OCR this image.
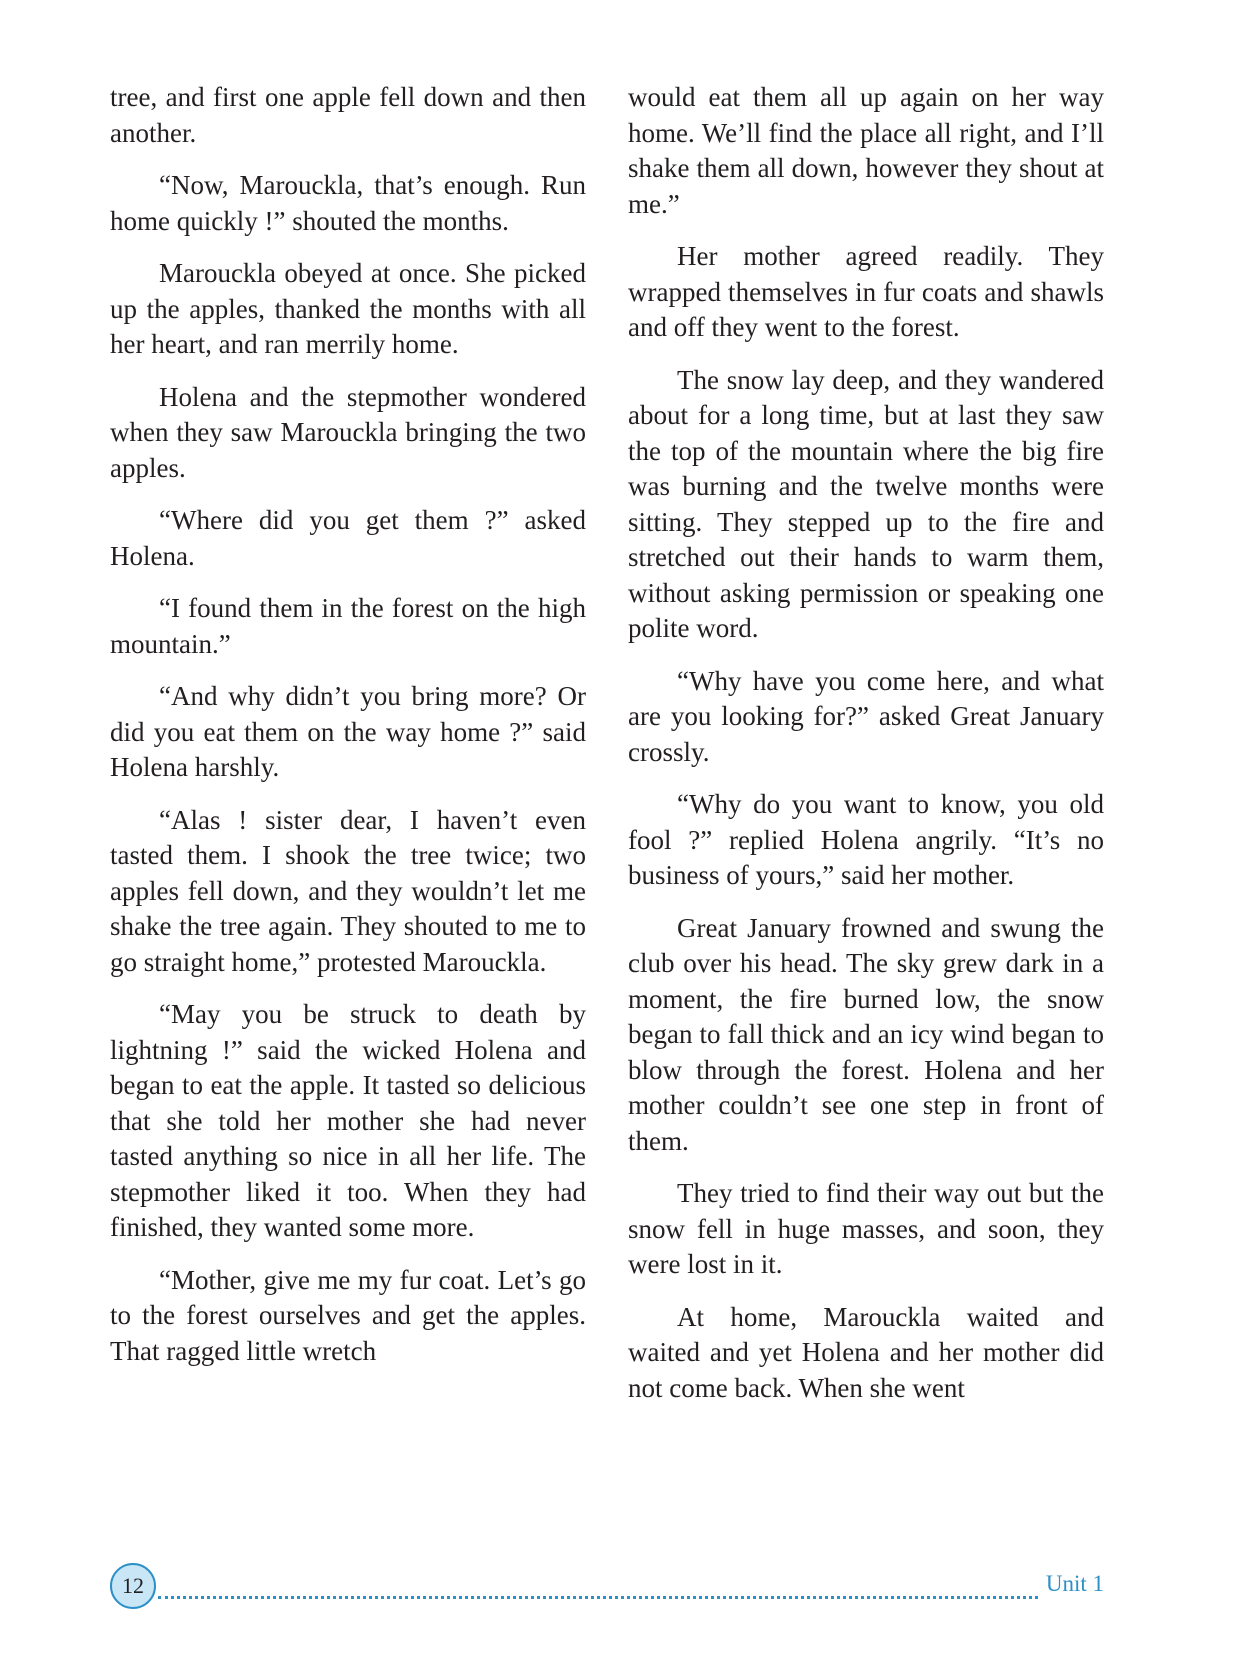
tree, and first one apple fell down and then another.

“Now, Marouckla, that’s enough. Run home quickly !” shouted the months.

Marouckla obeyed at once. She picked up the apples, thanked the months with all her heart, and ran merrily home.

Holena and the stepmother wondered when they saw Marouckla bringing the two apples.

“Where did you get them ?” asked Holena.

“I found them in the forest on the high mountain.”

“And why didn’t you bring more? Or did you eat them on the way home ?” said Holena harshly.

“Alas ! sister dear, I haven’t even tasted them. I shook the tree twice; two apples fell down, and they wouldn’t let me shake the tree again. They shouted to me to go straight home,” protested Marouckla.

“May you be struck to death by lightning !” said the wicked Holena and began to eat the apple. It tasted so delicious that she told her mother she had never tasted anything so nice in all her life. The stepmother liked it too. When they had finished, they wanted some more.

“Mother, give me my fur coat. Let’s go to the forest ourselves and get the apples. That ragged little wretch

would eat them all up again on her way home. We’ll find the place all right, and I’ll shake them all down, however they shout at me.”

Her mother agreed readily. They wrapped themselves in fur coats and shawls and off they went to the forest.

The snow lay deep, and they wandered about for a long time, but at last they saw the top of the mountain where the big fire was burning and the twelve months were sitting. They stepped up to the fire and stretched out their hands to warm them, without asking permission or speaking one polite word.

“Why have you come here, and what are you looking for?” asked Great January crossly.

“Why do you want to know, you old fool ?” replied Holena angrily. “It’s no business of yours,” said her mother.

Great January frowned and swung the club over his head. The sky grew dark in a moment, the fire burned low, the snow began to fall thick and an icy wind began to blow through the forest. Holena and her mother couldn’t see one step in front of them.

They tried to find their way out but the snow fell in huge masses, and soon, they were lost in it.

At home, Marouckla waited and waited and yet Holena and her mother did not come back. When she went

12	Unit 1
